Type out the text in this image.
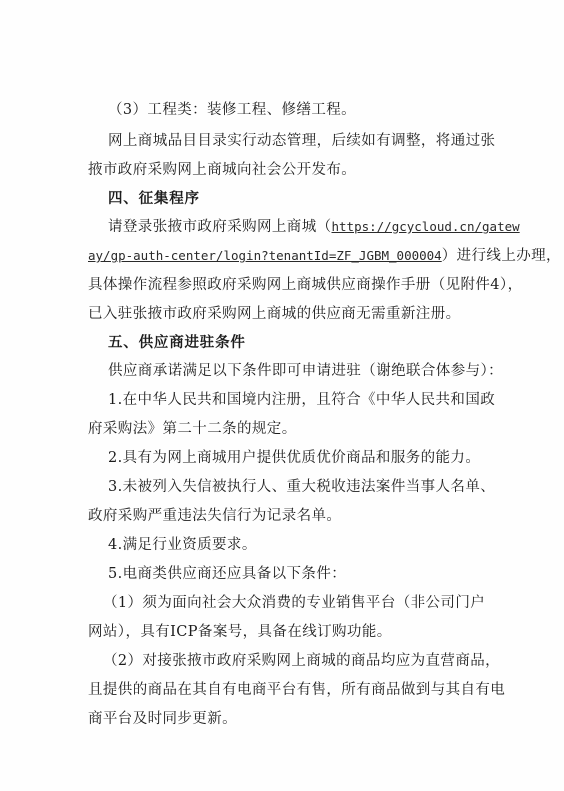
（3）工程类：装修工程、修缮工程。
网上商城品目目录实行动态管理，后续如有调整，将通过张
掖市政府采购网上商城向社会公开发布。
四、征集程序
请登录张掖市政府采购网上商城（https://gcycloud.cn/gatew
ay/gp-auth-center/login?tenantId=ZF_JGBM_000004）进行线上办理，
具体操作流程参照政府采购网上商城供应商操作手册（见附件4），
已入驻张掖市政府采购网上商城的供应商无需重新注册。
五、供应商进驻条件
供应商承诺满足以下条件即可申请进驻（谢绝联合体参与）：
1.在中华人民共和国境内注册，且符合《中华人民共和国政
府采购法》第二十二条的规定。
2.具有为网上商城用户提供优质优价商品和服务的能力。
3.未被列入失信被执行人、重大税收违法案件当事人名单、
政府采购严重违法失信行为记录名单。
4.满足行业资质要求。
5.电商类供应商还应具备以下条件：
（1）须为面向社会大众消费的专业销售平台（非公司门户
网站），具有ICP备案号，具备在线订购功能。
（2）对接张掖市政府采购网上商城的商品均应为直营商品，
且提供的商品在其自有电商平台有售，所有商品做到与其自有电
商平台及时同步更新。
